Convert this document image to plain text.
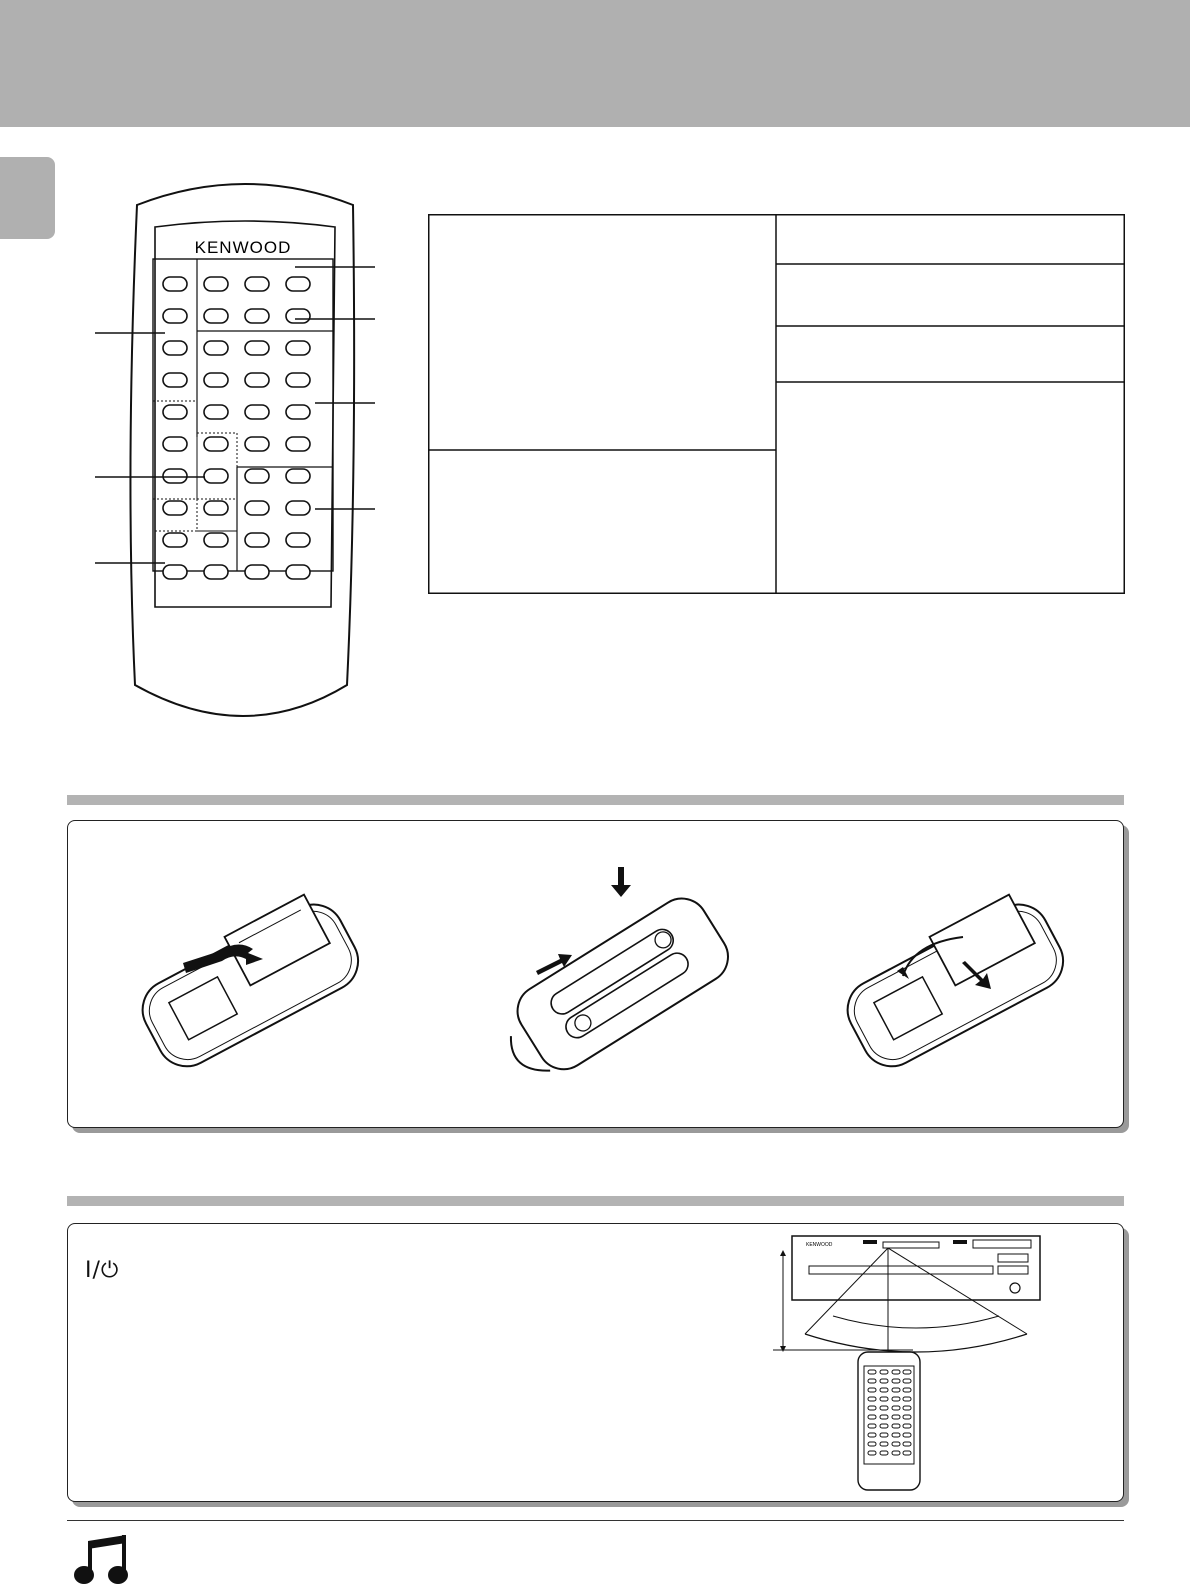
KENWOOD
KENWOOD
I/⏻
